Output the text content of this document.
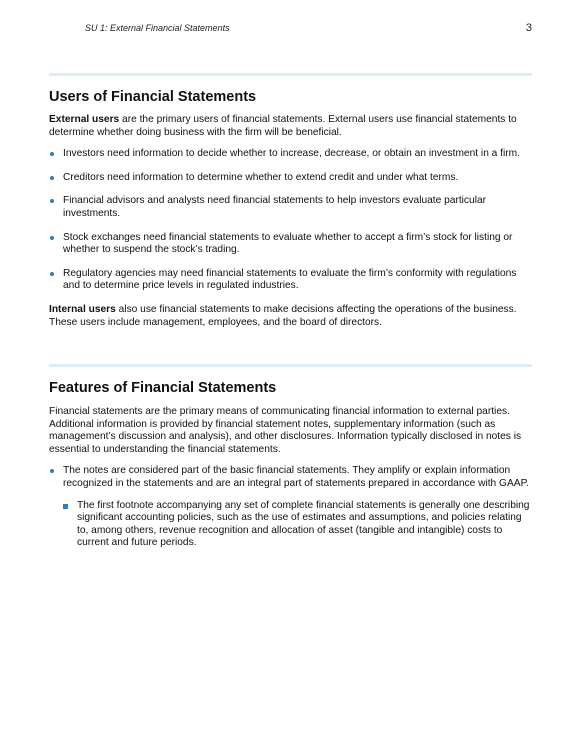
SU 1: External Financial Statements	3
Users of Financial Statements

External users are the primary users of financial statements. External users use financial statements to determine whether doing business with the firm will be beneficial.

Investors need information to decide whether to increase, decrease, or obtain an investment in a firm.
Creditors need information to determine whether to extend credit and under what terms.
Financial advisors and analysts need financial statements to help investors evaluate particular investments.
Stock exchanges need financial statements to evaluate whether to accept a firm’s stock for listing or whether to suspend the stock’s trading.
Regulatory agencies may need financial statements to evaluate the firm’s conformity with regulations and to determine price levels in regulated industries.

Internal users also use financial statements to make decisions affecting the operations of the business. These users include management, employees, and the board of directors.

Features of Financial Statements

Financial statements are the primary means of communicating financial information to external parties. Additional information is provided by financial statement notes, supplementary information (such as management’s discussion and analysis), and other disclosures. Information typically disclosed in notes is essential to understanding the financial statements.

The notes are considered part of the basic financial statements. They amplify or explain information recognized in the statements and are an integral part of statements prepared in accordance with GAAP.
The first footnote accompanying any set of complete financial statements is generally one describing significant accounting policies, such as the use of estimates and assumptions, and policies relating to, among others, revenue recognition and allocation of asset (tangible and intangible) costs to current and future periods.
